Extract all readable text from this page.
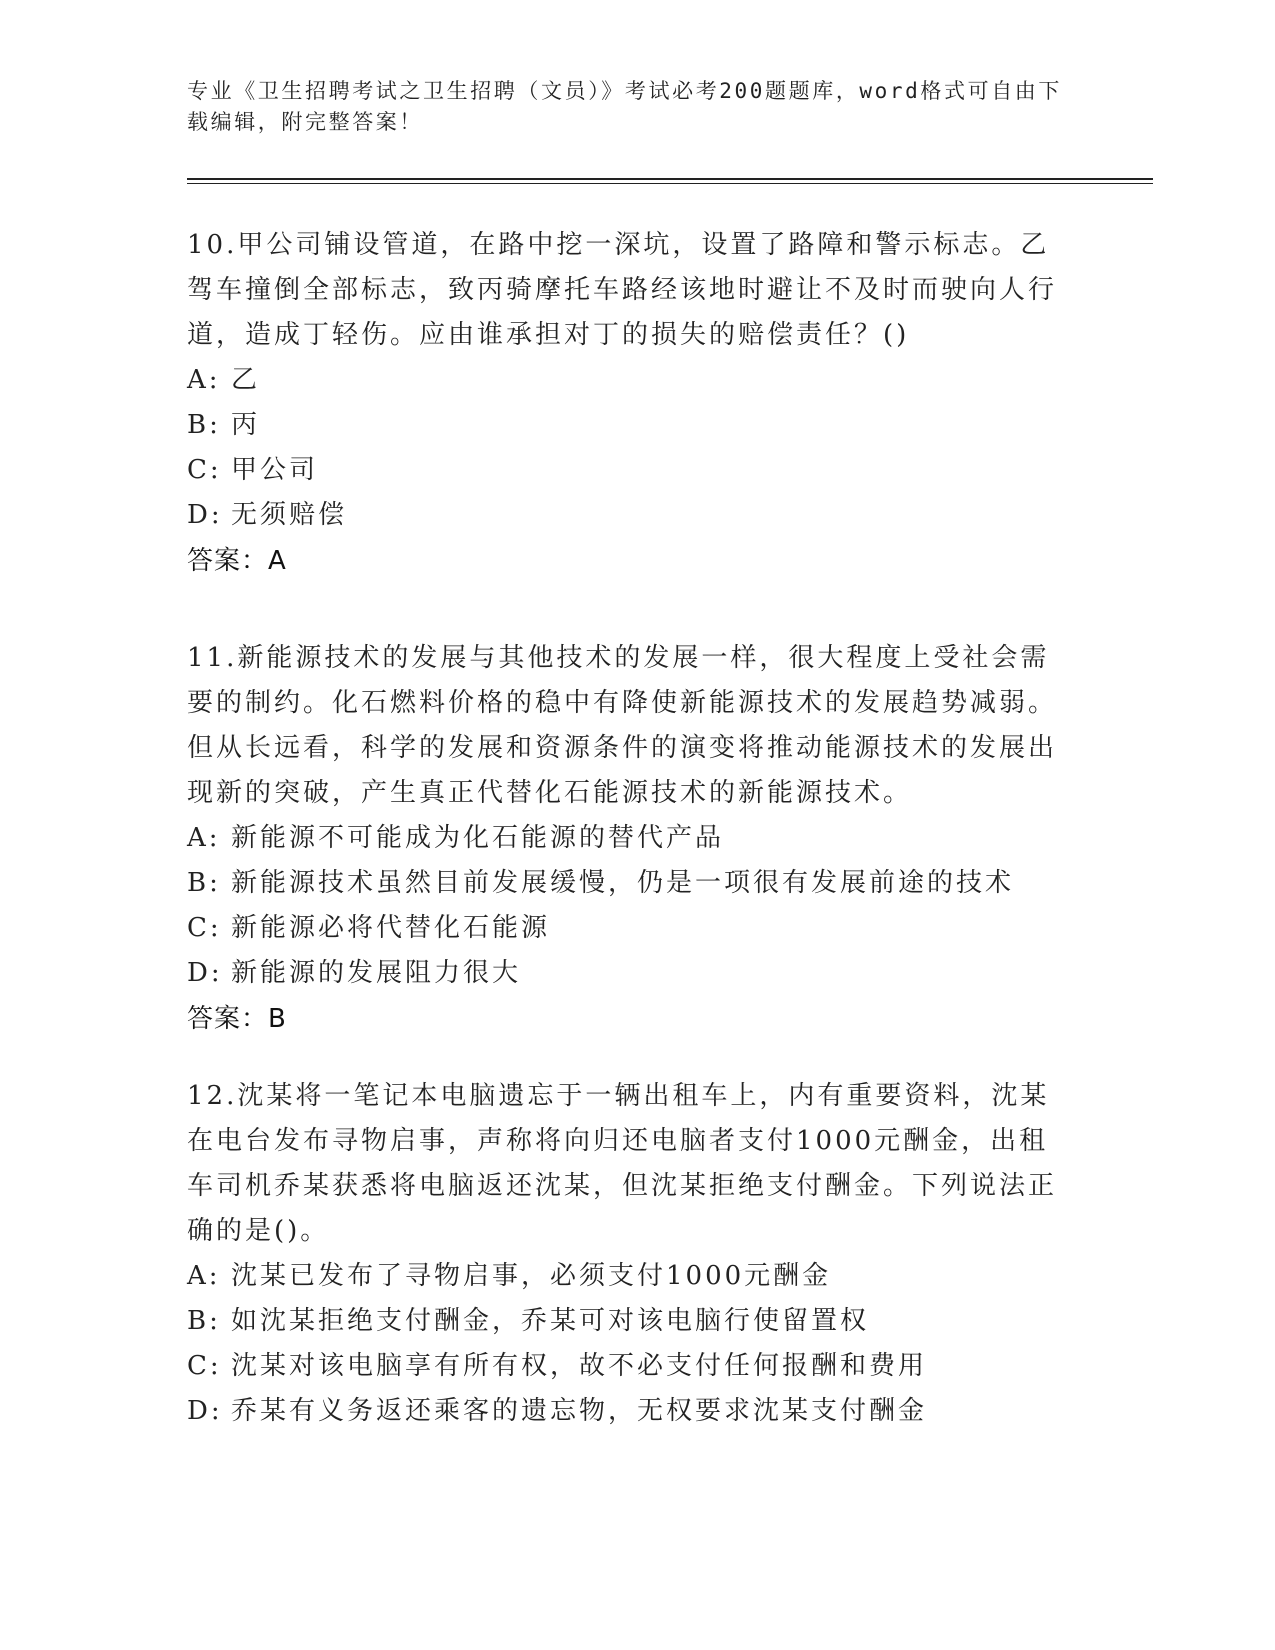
专业《卫生招聘考试之卫生招聘（文员）》考试必考200题题库，word格式可自由下载编辑，附完整答案！
10.甲公司铺设管道，在路中挖一深坑，设置了路障和警示标志。乙驾车撞倒全部标志，致丙骑摩托车路经该地时避让不及时而驶向人行道，造成丁轻伤。应由谁承担对丁的损失的赔偿责任？()
A: 乙
B: 丙
C: 甲公司
D: 无须赔偿
答案：A
11.新能源技术的发展与其他技术的发展一样，很大程度上受社会需要的制约。化石燃料价格的稳中有降使新能源技术的发展趋势减弱。但从长远看，科学的发展和资源条件的演变将推动能源技术的发展出现新的突破，产生真正代替化石能源技术的新能源技术。
A: 新能源不可能成为化石能源的替代产品
B: 新能源技术虽然目前发展缓慢，仍是一项很有发展前途的技术
C: 新能源必将代替化石能源
D: 新能源的发展阻力很大
答案：B
12.沈某将一笔记本电脑遗忘于一辆出租车上，内有重要资料，沈某在电台发布寻物启事，声称将向归还电脑者支付1000元酬金，出租车司机乔某获悉将电脑返还沈某，但沈某拒绝支付酬金。下列说法正确的是()。
A: 沈某已发布了寻物启事，必须支付1000元酬金
B: 如沈某拒绝支付酬金，乔某可对该电脑行使留置权
C: 沈某对该电脑享有所有权，故不必支付任何报酬和费用
D: 乔某有义务返还乘客的遗忘物，无权要求沈某支付酬金
